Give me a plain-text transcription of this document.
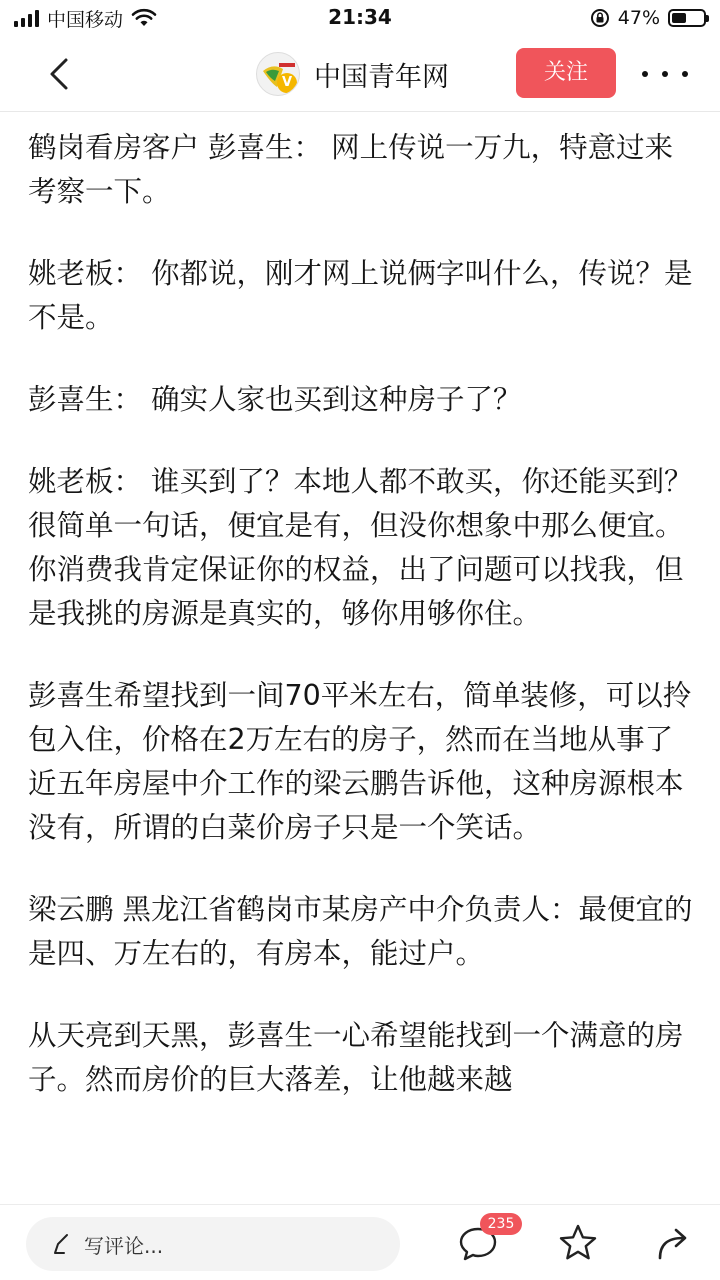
中国移动	21:34	47%
V 中国青年网	关注

鹤岗看房客户 彭喜生： 网上传说一万九，特意过来考察一下。

姚老板： 你都说，刚才网上说俩字叫什么，传说？是不是。

彭喜生： 确实人家也买到这种房子了？

姚老板： 谁买到了？本地人都不敢买，你还能买到？很简单一句话，便宜是有，但没你想象中那么便宜。你消费我肯定保证你的权益，出了问题可以找我，但是我挑的房源是真实的，够你用够你住。

彭喜生希望找到一间70平米左右，简单装修，可以拎包入住，价格在2万左右的房子，然而在当地从事了近五年房屋中介工作的梁云鹏告诉他，这种房源根本没有，所谓的白菜价房子只是一个笑话。

梁云鹏 黑龙江省鹤岗市某房产中介负责人：最便宜的是四、万左右的，有房本，能过户。

从天亮到天黑，彭喜生一心希望能找到一个满意的房子。然而房价的巨大落差，让他越来越

写评论...
235
